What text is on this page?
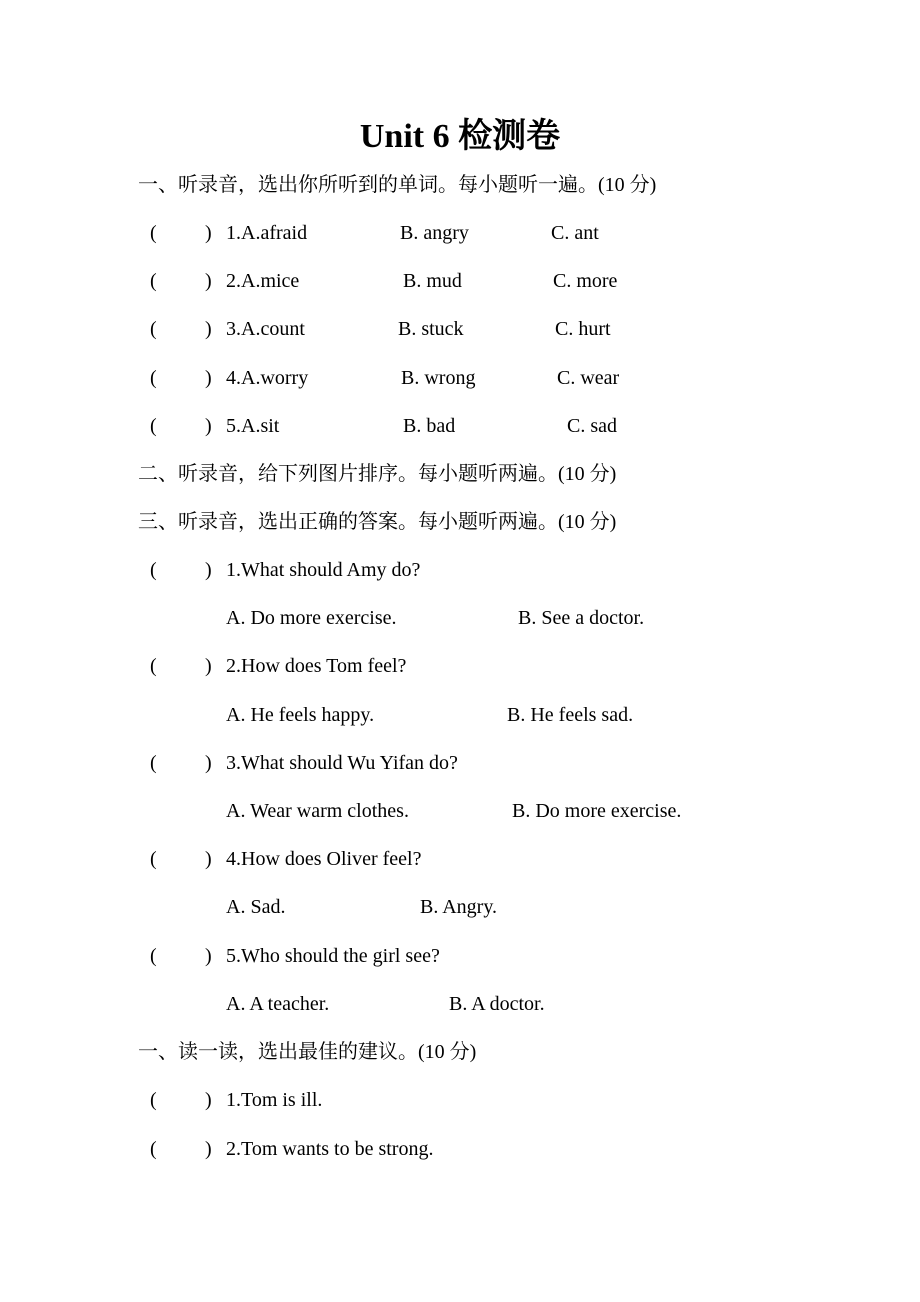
Unit 6 检测卷
一、听录音，选出你所听到的单词。每小题听一遍。(10 分)
( ) 1.A.afraid	B. angry	C. ant
( ) 2.A.mice	B. mud	C. more
( ) 3.A.count	B. stuck	C. hurt
( ) 4.A.worry	B. wrong	C. wear
( ) 5.A.sit	B. bad	C. sad
二、听录音，给下列图片排序。每小题听两遍。(10 分)
三、听录音，选出正确的答案。每小题听两遍。(10 分)
( ) 1.What should Amy do?
A. Do more exercise.	B. See a doctor.
( ) 2.How does Tom feel?
A. He feels happy.	B. He feels sad.
( ) 3.What should Wu Yifan do?
A. Wear warm clothes.	B. Do more exercise.
( ) 4.How does Oliver feel?
A. Sad.	B. Angry.
( ) 5.Who should the girl see?
A. A teacher.	B. A doctor.
一、读一读，选出最佳的建议。(10 分)
( ) 1.Tom is ill.
( ) 2.Tom wants to be strong.
